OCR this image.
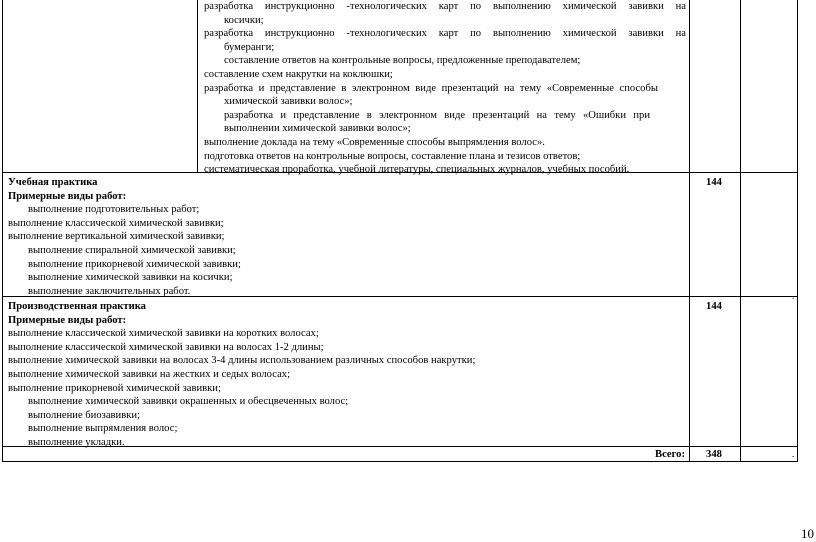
разработка инструкционно -технологических карт по выполнению химической завивки на
косички;
разработка инструкционно -технологических карт по выполнению химической завивки на
бумеранги;
составление ответов на контрольные вопросы, предложенные преподавателем;
составление схем накрутки на коклюшки;
разработка и представление в электронном виде презентаций на тему «Современные способы
химической завивки волос»;
разработка и представление в электронном виде презентаций на тему «Ошибки при
выполнении химической завивки волос»;
выполнение доклада на тему «Современные способы выпрямления волос».
подготовка ответов на контрольные вопросы, составление плана и тезисов ответов;
систематическая проработка, учебной литературы, специальных журналов, учебных пособий.
Учебная практика
Примерные виды работ:
выполнение подготовительных работ;
выполнение классической химической завивки;
выполнение вертикальной химической завивки;
выполнение спиральной химической завивки;
выполнение прикорневой химической завивки;
выполнение химической завивки на косички;
выполнение заключительных работ.
144
Производственная практика
Примерные виды работ:
выполнение классической химической завивки на коротких волосах;
выполнение классической химической завивки на волосах 1-2 длины;
выполнение химической завивки на волосах 3-4 длины использованием различных способов накрутки;
выполнение химической завивки на жестких и седых волосах;
выполнение прикорневой химической завивки;
выполнение химической завивки окрашенных и обесцвеченных волос;
выполнение биозавивки;
выполнение выпрямления волос;
выполнение укладки.
144
Всего:	348
.
.
10
